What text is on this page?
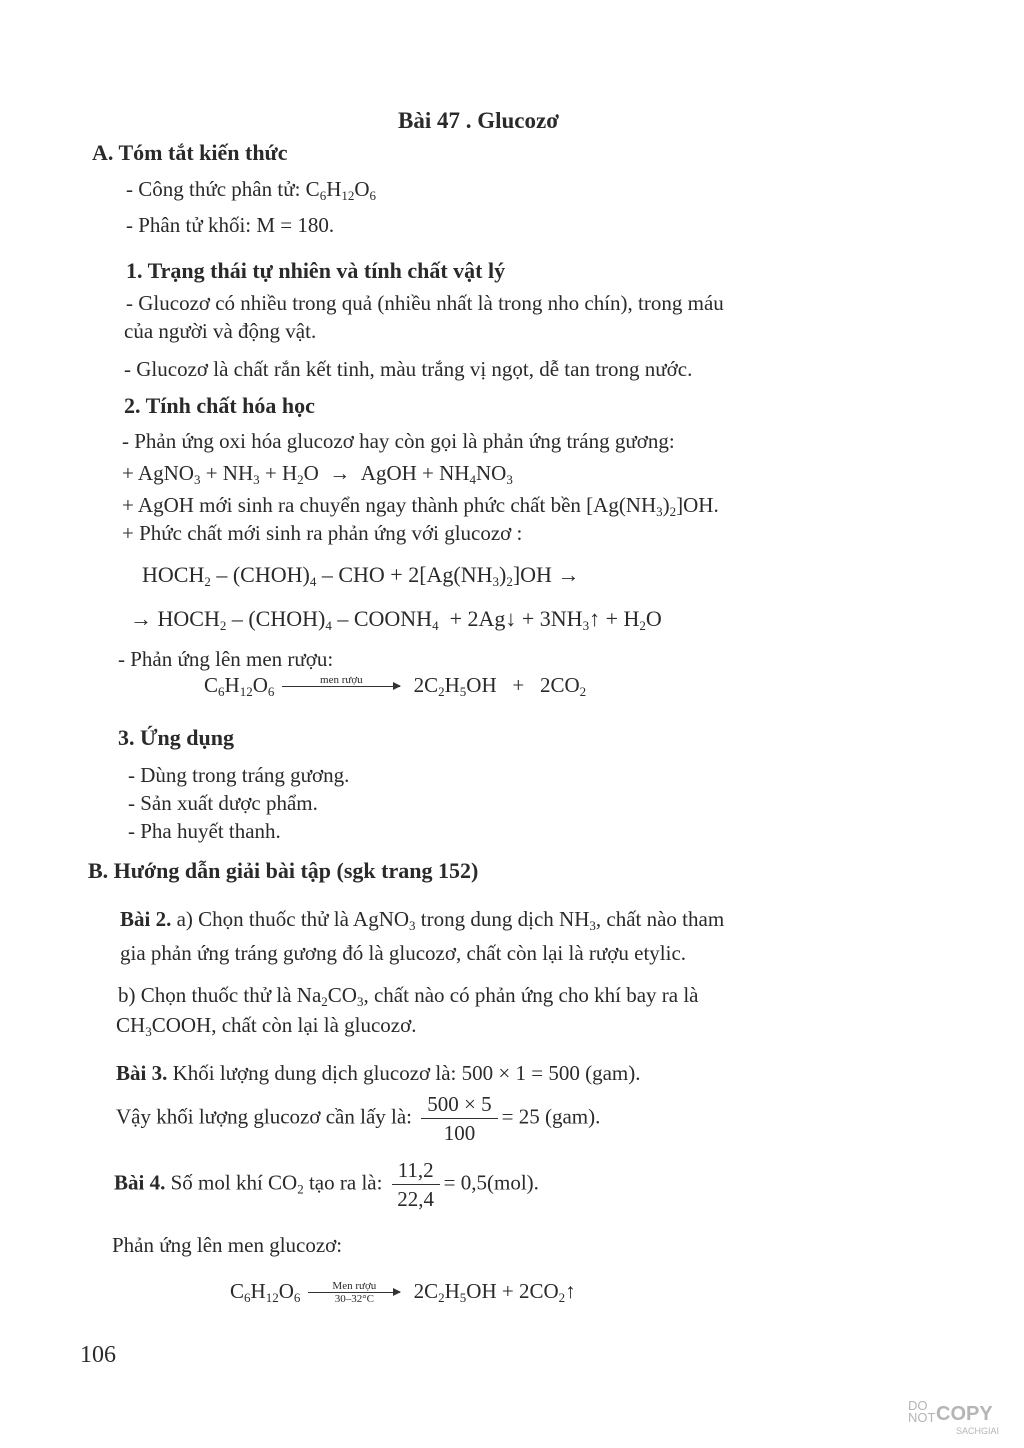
Bài 47 . Glucozơ
A. Tóm tắt kiến thức
- Công thức phân tử: $C_6H_{12}O_6$
- Phân tử khối: M = 180.
1. Trạng thái tự nhiên và tính chất vật lý
- Glucozơ có nhiều trong quả (nhiều nhất là trong nho chín), trong máu
của người và động vật.
- Glucozơ là chất rắn kết tinh, màu trắng vị ngọt, dễ tan trong nước.
2. Tính chất hóa học
- Phản ứng oxi hóa glucozơ hay còn gọi là phản ứng tráng gương:
+ AgNO$_3$ + $NH_3 + H_2O$  →  AgOH + $NH_4NO_3$
+ AgOH mới sinh ra chuyển ngay thành phức chất bền $[Ag(NH_3)_2]OH$.
+ Phức chất mới sinh ra phản ứng với glucozơ :
$HOCH_2$ – $(CHOH)_4$ – CHO + $2[Ag(NH_3)_2]OH$ →
→ $HOCH_2$ – $(CHOH)_4$ – $COONH_4$  + 2Ag↓ + $3NH_3↑ + H_2O$
- Phản ứng lên men rượu:
$C_6H_{12}O_6$
men rượu
	$2C_2H_5OH + 2CO_2$
3. Ứng dụng
- Dùng trong tráng gương.
- Sản xuất dược phẩm.
- Pha huyết thanh.
B. Hướng dẫn giải bài tập (sgk trang 152)
Bài 2. a) Chọn thuốc thử là AgNO$_3$ trong dung dịch $NH_3$, chất nào tham
gia phản ứng tráng gương đó là glucozơ, chất còn lại là rượu etylic.
b) Chọn thuốc thử là $Na_2CO_3$, chất nào có phản ứng cho khí bay ra là
$CH_3COOH$, chất còn lại là glucozơ.
Bài 3. Khối lượng dung dịch glucozơ là: 500 × 1 = 500 (gam).
Vậy khối lượng glucozơ cần lấy là: $\frac{500 \times 5}{100} = 25$ (gam).
Bài 4. Số mol khí $CO_2$ tạo ra là: $\frac{11,2}{22,4} = 0,5(mol)$.
Phản ứng lên men glucozơ:
$C_6H_{12}O_6$
Men rượu
30–32°C	$2C_2H_5OH$ + $2CO_2↑$
106
DO
NOT COPY
SACHGIAI
